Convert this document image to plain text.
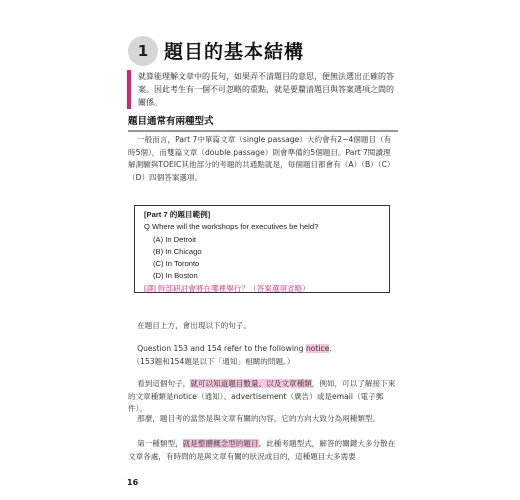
1 題目的基本結構
就算能理解文章中的長句，如果弄不清題目的意思，便無法選出正確的答案。因此考生有一個不可忽略的重點，就是要釐清題目與答案選項之間的關係。
題目通常有兩種型式
一般而言，Part 7中單篇文章（single passage）大約會有2~4個題目（有時5個），而雙篇文章（double passage）則會準備約5個題目。Part 7閱讀理解測驗與TOEIC其他部分的考題的共通點就是，每個題目都會有（A）（B）（C）（D）四個答案選項。
[Part 7 的題目範例]
Q Where will the workshops for executives be held?
(A) In Detroit
(B) In Chicago
(C) In Toronto
(D) In Boston
[譯] 幹部研討會將在哪裡舉行？（答案選項省略）
在題目上方，會出現以下的句子。
Question 153 and 154 refer to the following notice.
（153題和154題是以下「通知」相關的問題。）
看到這個句子，就可以知道題目數量、以及文章種類，例如，可以了解接下來的文章種類是notice（通知）、advertisement（廣告）或是email（電子郵件）。
那麼，題目考的當然是與文章有關的內容，它的方向大致分為兩種類型。
第一種類型，就是整體概念型的題目。此種考題型式，解答的關鍵大多分散在文章各處，有時問的是與文章有關的狀況或目的，這種題目大多需要
16
